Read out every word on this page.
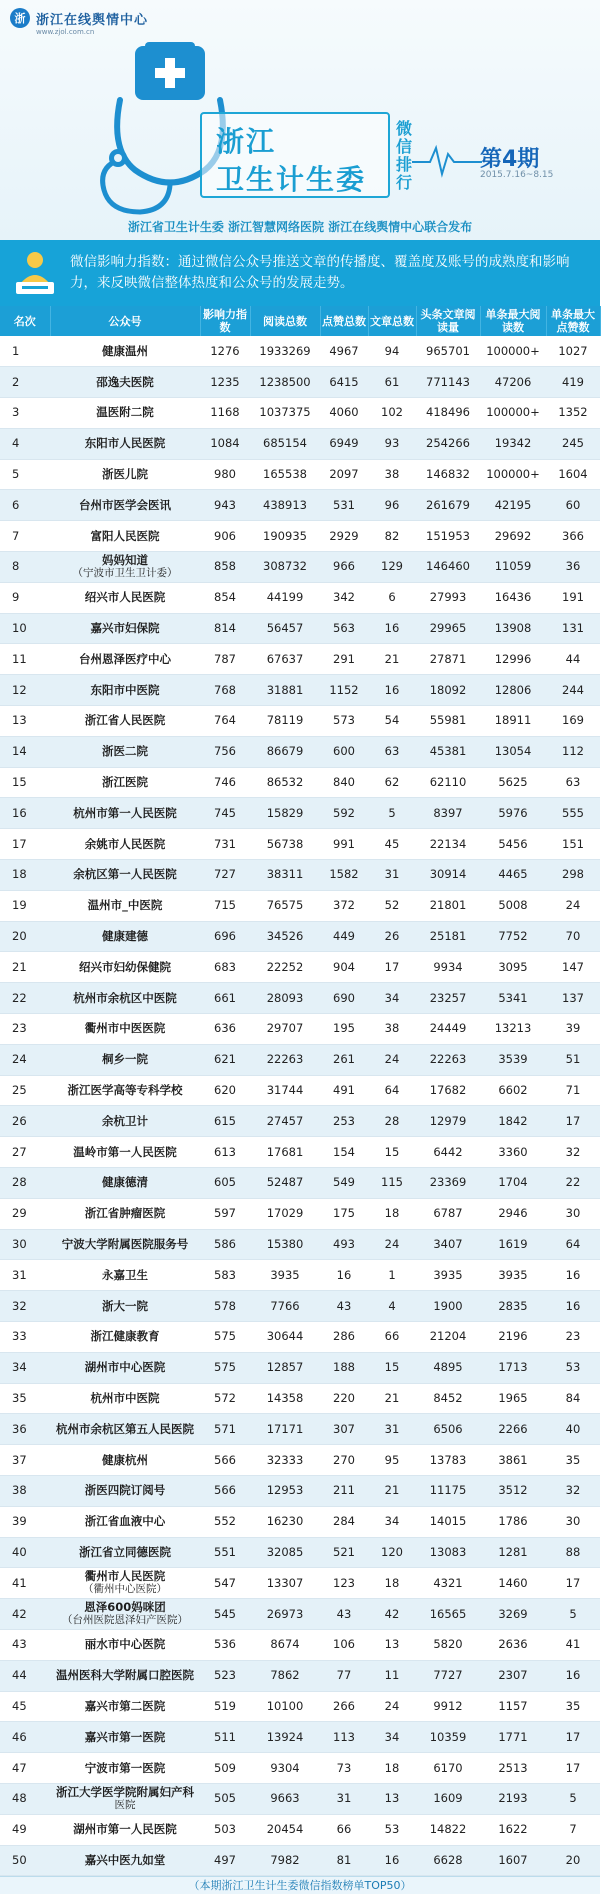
浙 浙江在线舆情中心
www.zjol.com.cn
浙江
卫生计生委
微信排行
第4期
2015.7.16~8.15
浙江省卫生计生委 浙江智慧网络医院 浙江在线舆情中心联合发布
微信影响力指数：通过微信公众号推送文章的传播度、覆盖度及账号的成熟度和影响力，来反映微信整体热度和公众号的发展走势。
名次	公众号	影响力指数	阅读总数	点赞总数	文章总数	头条文章阅读量	单条最大阅读数	单条最大点赞数
1	健康温州	1276	1933269	4967	94	965701	100000+	1027
2	邵逸夫医院	1235	1238500	6415	61	771143	47206	419
3	温医附二院	1168	1037375	4060	102	418496	100000+	1352
4	东阳市人民医院	1084	685154	6949	93	254266	19342	245
5	浙医儿院	980	165538	2097	38	146832	100000+	1604
6	台州市医学会医讯	943	438913	531	96	261679	42195	60
7	富阳人民医院	906	190935	2929	82	151953	29692	366
8	妈妈知道
（宁波市卫生卫计委）	858	308732	966	129	146460	11059	36
9	绍兴市人民医院	854	44199	342	6	27993	16436	191
10	嘉兴市妇保院	814	56457	563	16	29965	13908	131
11	台州恩泽医疗中心	787	67637	291	21	27871	12996	44
12	东阳市中医院	768	31881	1152	16	18092	12806	244
13	浙江省人民医院	764	78119	573	54	55981	18911	169
14	浙医二院	756	86679	600	63	45381	13054	112
15	浙江医院	746	86532	840	62	62110	5625	63
16	杭州市第一人民医院	745	15829	592	5	8397	5976	555
17	余姚市人民医院	731	56738	991	45	22134	5456	151
18	余杭区第一人民医院	727	38311	1582	31	30914	4465	298
19	温州市_中医院	715	76575	372	52	21801	5008	24
20	健康建德	696	34526	449	26	25181	7752	70
21	绍兴市妇幼保健院	683	22252	904	17	9934	3095	147
22	杭州市余杭区中医院	661	28093	690	34	23257	5341	137
23	衢州市中医医院	636	29707	195	38	24449	13213	39
24	桐乡一院	621	22263	261	24	22263	3539	51
25	浙江医学高等专科学校	620	31744	491	64	17682	6602	71
26	余杭卫计	615	27457	253	28	12979	1842	17
27	温岭市第一人民医院	613	17681	154	15	6442	3360	32
28	健康德清	605	52487	549	115	23369	1704	22
29	浙江省肿瘤医院	597	17029	175	18	6787	2946	30
30	宁波大学附属医院服务号	586	15380	493	24	3407	1619	64
31	永嘉卫生	583	3935	16	1	3935	3935	16
32	浙大一院	578	7766	43	4	1900	2835	16
33	浙江健康教育	575	30644	286	66	21204	2196	23
34	湖州市中心医院	575	12857	188	15	4895	1713	53
35	杭州市中医院	572	14358	220	21	8452	1965	84
36	杭州市余杭区第五人民医院	571	17171	307	31	6506	2266	40
37	健康杭州	566	32333	270	95	13783	3861	35
38	浙医四院订阅号	566	12953	211	21	11175	3512	32
39	浙江省血液中心	552	16230	284	34	14015	1786	30
40	浙江省立同德医院	551	32085	521	120	13083	1281	88
41	衢州市人民医院
（衢州中心医院）	547	13307	123	18	4321	1460	17
42	恩泽600妈咪团
（台州医院恩泽妇产医院）	545	26973	43	42	16565	3269	5
43	丽水市中心医院	536	8674	106	13	5820	2636	41
44	温州医科大学附属口腔医院	523	7862	77	11	7727	2307	16
45	嘉兴市第二医院	519	10100	266	24	9912	1157	35
46	嘉兴市第一医院	511	13924	113	34	10359	1771	17
47	宁波市第一医院	509	9304	73	18	6170	2513	17
48	浙江大学医学院附属妇产科
医院	505	9663	31	13	1609	2193	5
49	湖州市第一人民医院	503	20454	66	53	14822	1622	7
50	嘉兴中医九如堂	497	7982	81	16	6628	1607	20
（本期浙江卫生计生委微信指数榜单TOP50）
